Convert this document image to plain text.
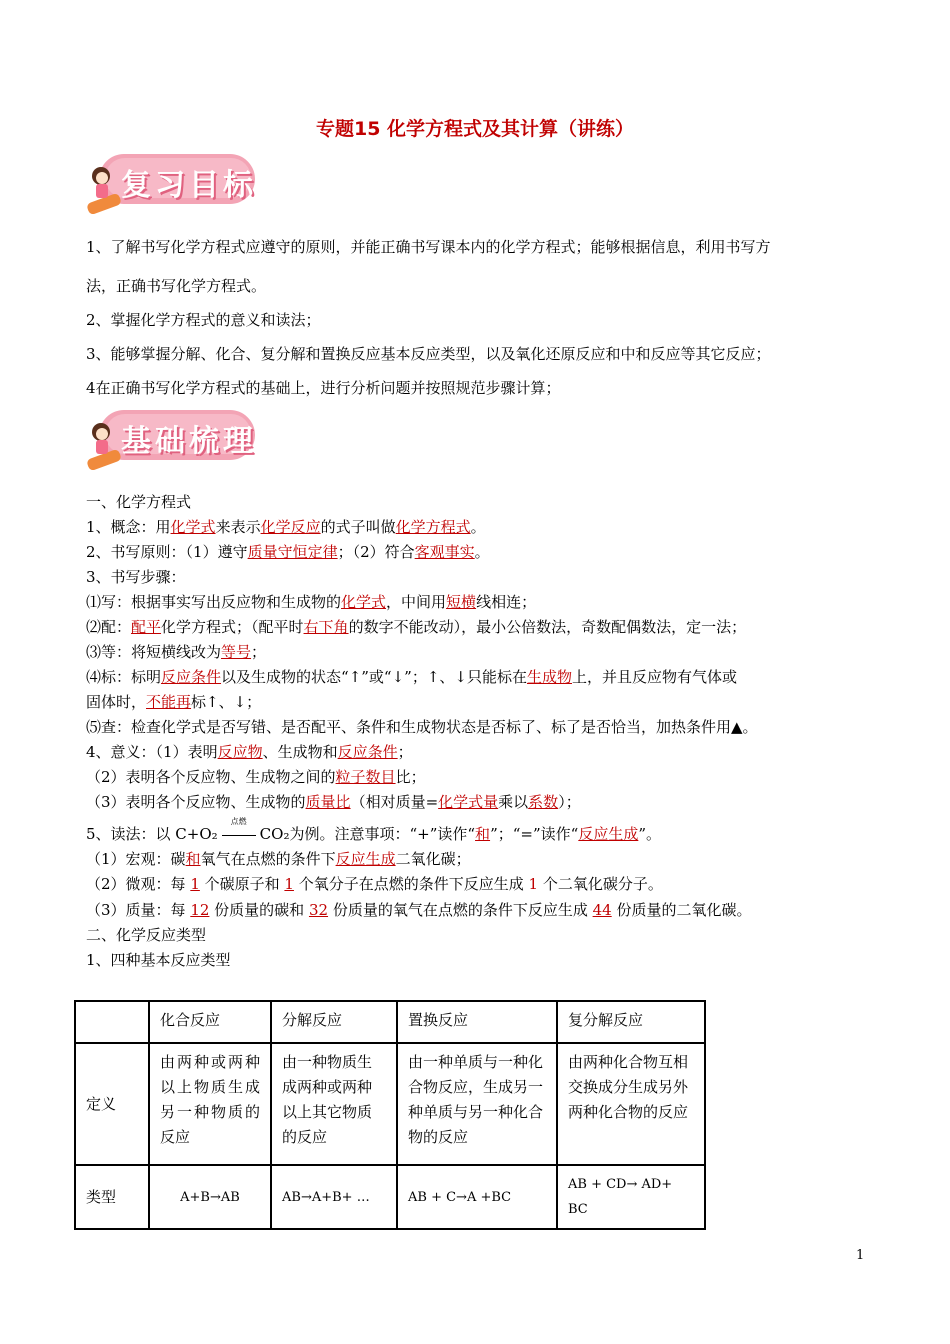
专题15 化学方程式及其计算（讲练）
复习目标
1、了解书写化学方程式应遵守的原则，并能正确书写课本内的化学方程式；能够根据信息，利用书写方
法，正确书写化学方程式。
2、掌握化学方程式的意义和读法；
3、能够掌握分解、化合、复分解和置换反应基本反应类型，以及氧化还原反应和中和反应等其它反应；
4在正确书写化学方程式的基础上，进行分析问题并按照规范步骤计算；
基础梳理
一、化学方程式
1、概念：用化学式来表示化学反应的式子叫做化学方程式。
2、书写原则：（1）遵守质量守恒定律；（2）符合客观事实。
3、书写步骤：
⑴写：根据事实写出反应物和生成物的化学式，中间用短横线相连；
⑵配：配平化学方程式；（配平时右下角的数字不能改动），最小公倍数法，奇数配偶数法，定一法；
⑶等：将短横线改为等号；
⑷标：标明反应条件以及生成物的状态“↑”或“↓”；↑、↓只能标在生成物上，并且反应物有气体或
固体时，不能再标↑、↓；
⑸查：检查化学式是否写错、是否配平、条件和生成物状态是否标了、标了是否恰当，加热条件用▲。
4、意义：（1）表明反应物、生成物和反应条件；
（2）表明各个反应物、生成物之间的粒子数目比；
（3）表明各个反应物、生成物的质量比（相对质量=化学式量乘以系数）；
5、读法：以 C+O₂
点燃
CO₂为例。注意事项：“+”读作“和”；“=”读作“反应生成”。
（1）宏观：碳和氧气在点燃的条件下反应生成二氧化碳；
（2）微观：每 1 个碳原子和 1 个氧分子在点燃的条件下反应生成 1 个二氧化碳分子。
（3）质量：每 12 份质量的碳和 32 份质量的氧气在点燃的条件下反应生成 44 份质量的二氧化碳。
二、化学反应类型
1、四种基本反应类型
	化合反应	分解反应	置换反应	复分解反应
定义	由两种或两种以上物质生成另一种物质的反应	由一种物质生成两种或两种以上其它物质的反应	由一种单质与一种化合物反应，生成另一种单质与另一种化合物的反应	由两种化合物互相交换成分生成另外两种化合物的反应
类型	A+B→AB	AB→A+B+ …	AB + C→A +BC	AB + CD→ AD+ BC
1
